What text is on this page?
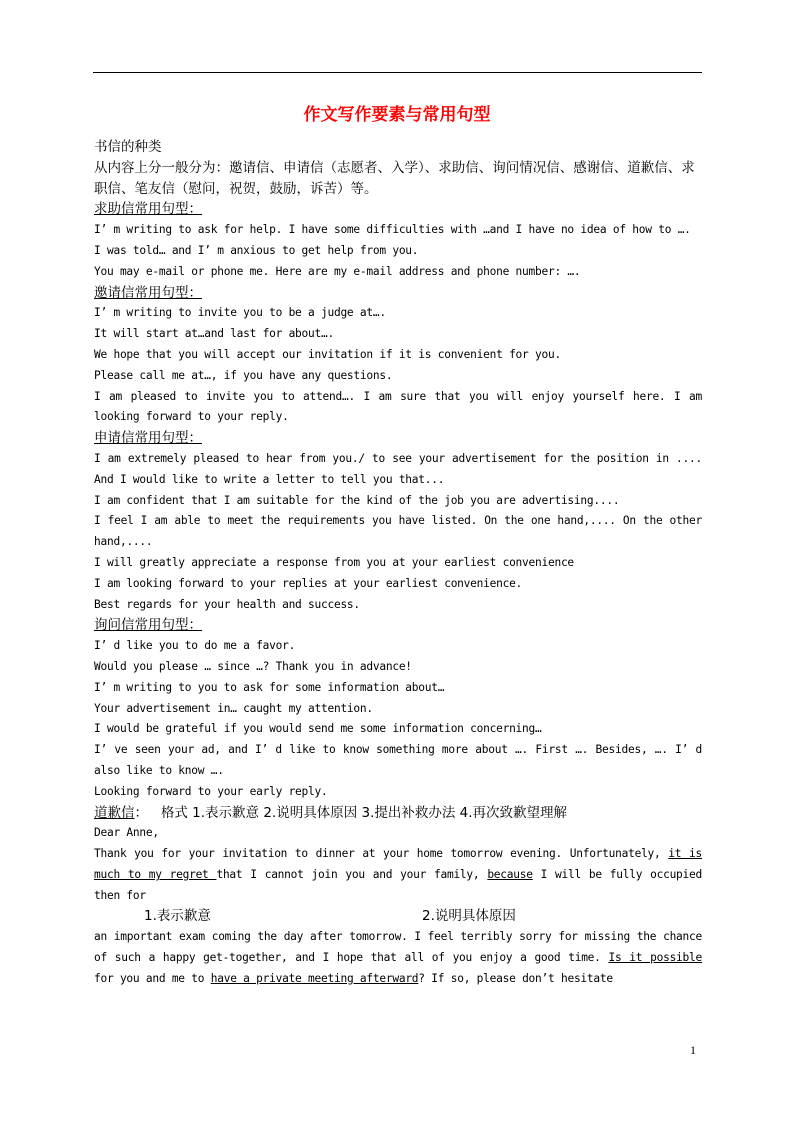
作文写作要素与常用句型
书信的种类
从内容上分一般分为：邀请信、申请信（志愿者、入学）、求助信、询问情况信、感谢信、道歉信、求职信、笔友信（慰问，祝贺，鼓励，诉苦）等。
求助信常用句型：
I’ m writing to ask for help. I have some difficulties with …and I have no idea of how to ….
I was told… and I’ m anxious to get help from you.
You may e-mail or phone me. Here are my e-mail address and phone number: ….
邀请信常用句型：
I’ m writing to invite you to be a judge at….
It will start at…and last for about….
We hope that you will accept our invitation if it is convenient for you.
Please call me at…, if you have any questions.
I am pleased to invite you to attend…. I am sure that you will enjoy yourself here. I am looking forward to your reply.
申请信常用句型：
I am extremely pleased to hear from you./ to see your advertisement for the position in .... And I would like to write a letter to tell you that...
I am confident that I am suitable for the kind of the job you are advertising....
I feel I am able to meet the requirements you have listed. On the one hand,.... On the other hand,....
I will greatly appreciate a response from you at your earliest convenience
I am looking forward to your replies at your earliest convenience.
Best regards for your health and success.
询问信常用句型：
I’ d like you to do me a favor.
Would you please … since …? Thank you in advance!
I’ m writing to you to ask for some information about…
Your advertisement in… caught my attention.
I would be grateful if you would send me some information concerning…
I’ ve seen your ad, and I’ d like to know something more about …. First …. Besides, …. I’ d also like to know ….
Looking forward to your early reply.
道歉信： 格式 1.表示歉意 2.说明具体原因 3.提出补救办法 4.再次致歉望理解
Dear Anne,
Thank you for your invitation to dinner at your home tomorrow evening. Unfortunately, it is much to my regret that I cannot join you and your family, because I will be fully occupied then for
1.表示歉意	2.说明具体原因
an important exam coming the day after tomorrow. I feel terribly sorry for missing the chance of such a happy get-together, and I hope that all of you enjoy a good time. Is it possible for you and me to have a private meeting afterward? If so, please don’t hesitate
1
